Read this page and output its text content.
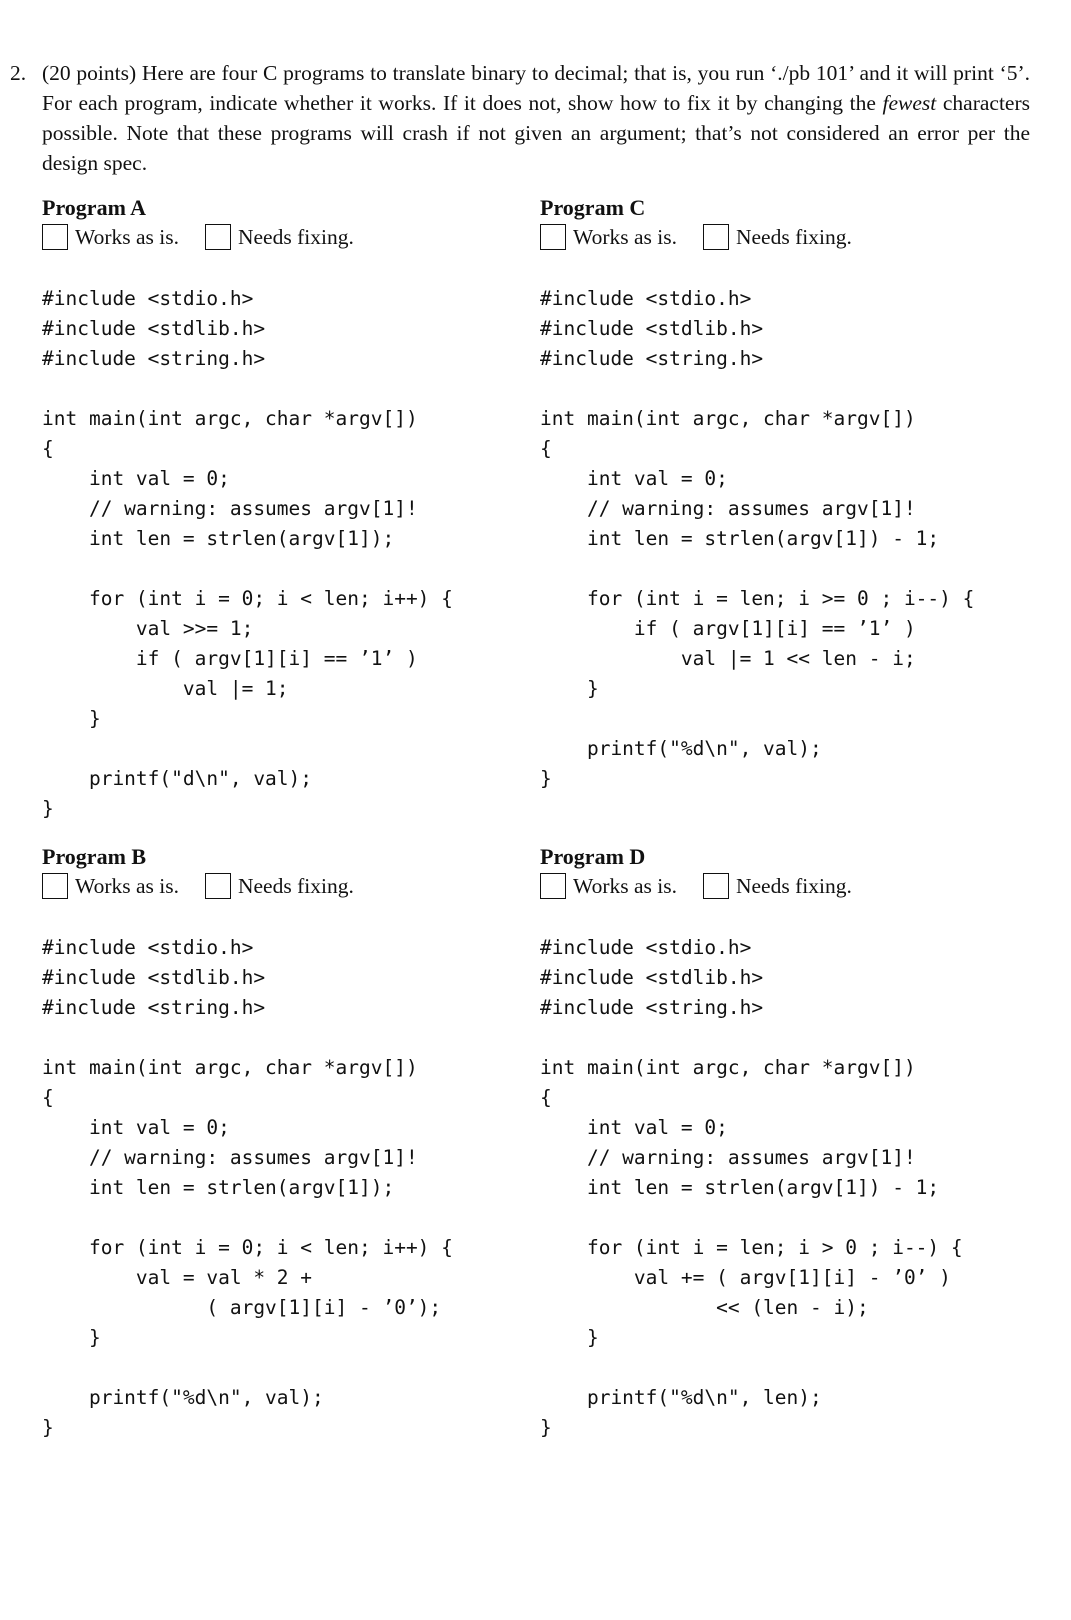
2. (20 points) Here are four C programs to translate binary to decimal; that is, you run ‘./pb 101’ and it will print ‘5’. For each program, indicate whether it works. If it does not, show how to fix it by changing the fewest characters possible. Note that these programs will crash if not given an argument; that’s not considered an error per the design spec.
Program A
Works as is.	Needs fixing.
#include <stdio.h>
#include <stdlib.h>
#include <string.h>

int main(int argc, char *argv[])
{
int val = 0;
// warning: assumes argv[1]!
int len = strlen(argv[1]);

for (int i = 0; i < len; i++) {
val >>= 1;
if ( argv[1][i] == ’1’ )
val |= 1;
}

printf("d\n", val);
}
Program C
Works as is.	Needs fixing.
#include <stdio.h>
#include <stdlib.h>
#include <string.h>

int main(int argc, char *argv[])
{
int val = 0;
// warning: assumes argv[1]!
int len = strlen(argv[1]) - 1;

for (int i = len; i >= 0 ; i--) {
if ( argv[1][i] == ’1’ )
val |= 1 << len - i;
}

printf("%d\n", val);
}
Program B
Works as is.	Needs fixing.
#include <stdio.h>
#include <stdlib.h>
#include <string.h>

int main(int argc, char *argv[])
{
int val = 0;
// warning: assumes argv[1]!
int len = strlen(argv[1]);

for (int i = 0; i < len; i++) {
val = val * 2 +
( argv[1][i] - ’0’);
}

printf("%d\n", val);
}
Program D
Works as is.	Needs fixing.
#include <stdio.h>
#include <stdlib.h>
#include <string.h>

int main(int argc, char *argv[])
{
int val = 0;
// warning: assumes argv[1]!
int len = strlen(argv[1]) - 1;

for (int i = len; i > 0 ; i--) {
val += ( argv[1][i] - ’0’ )
<< (len - i);
}

printf("%d\n", len);
}
